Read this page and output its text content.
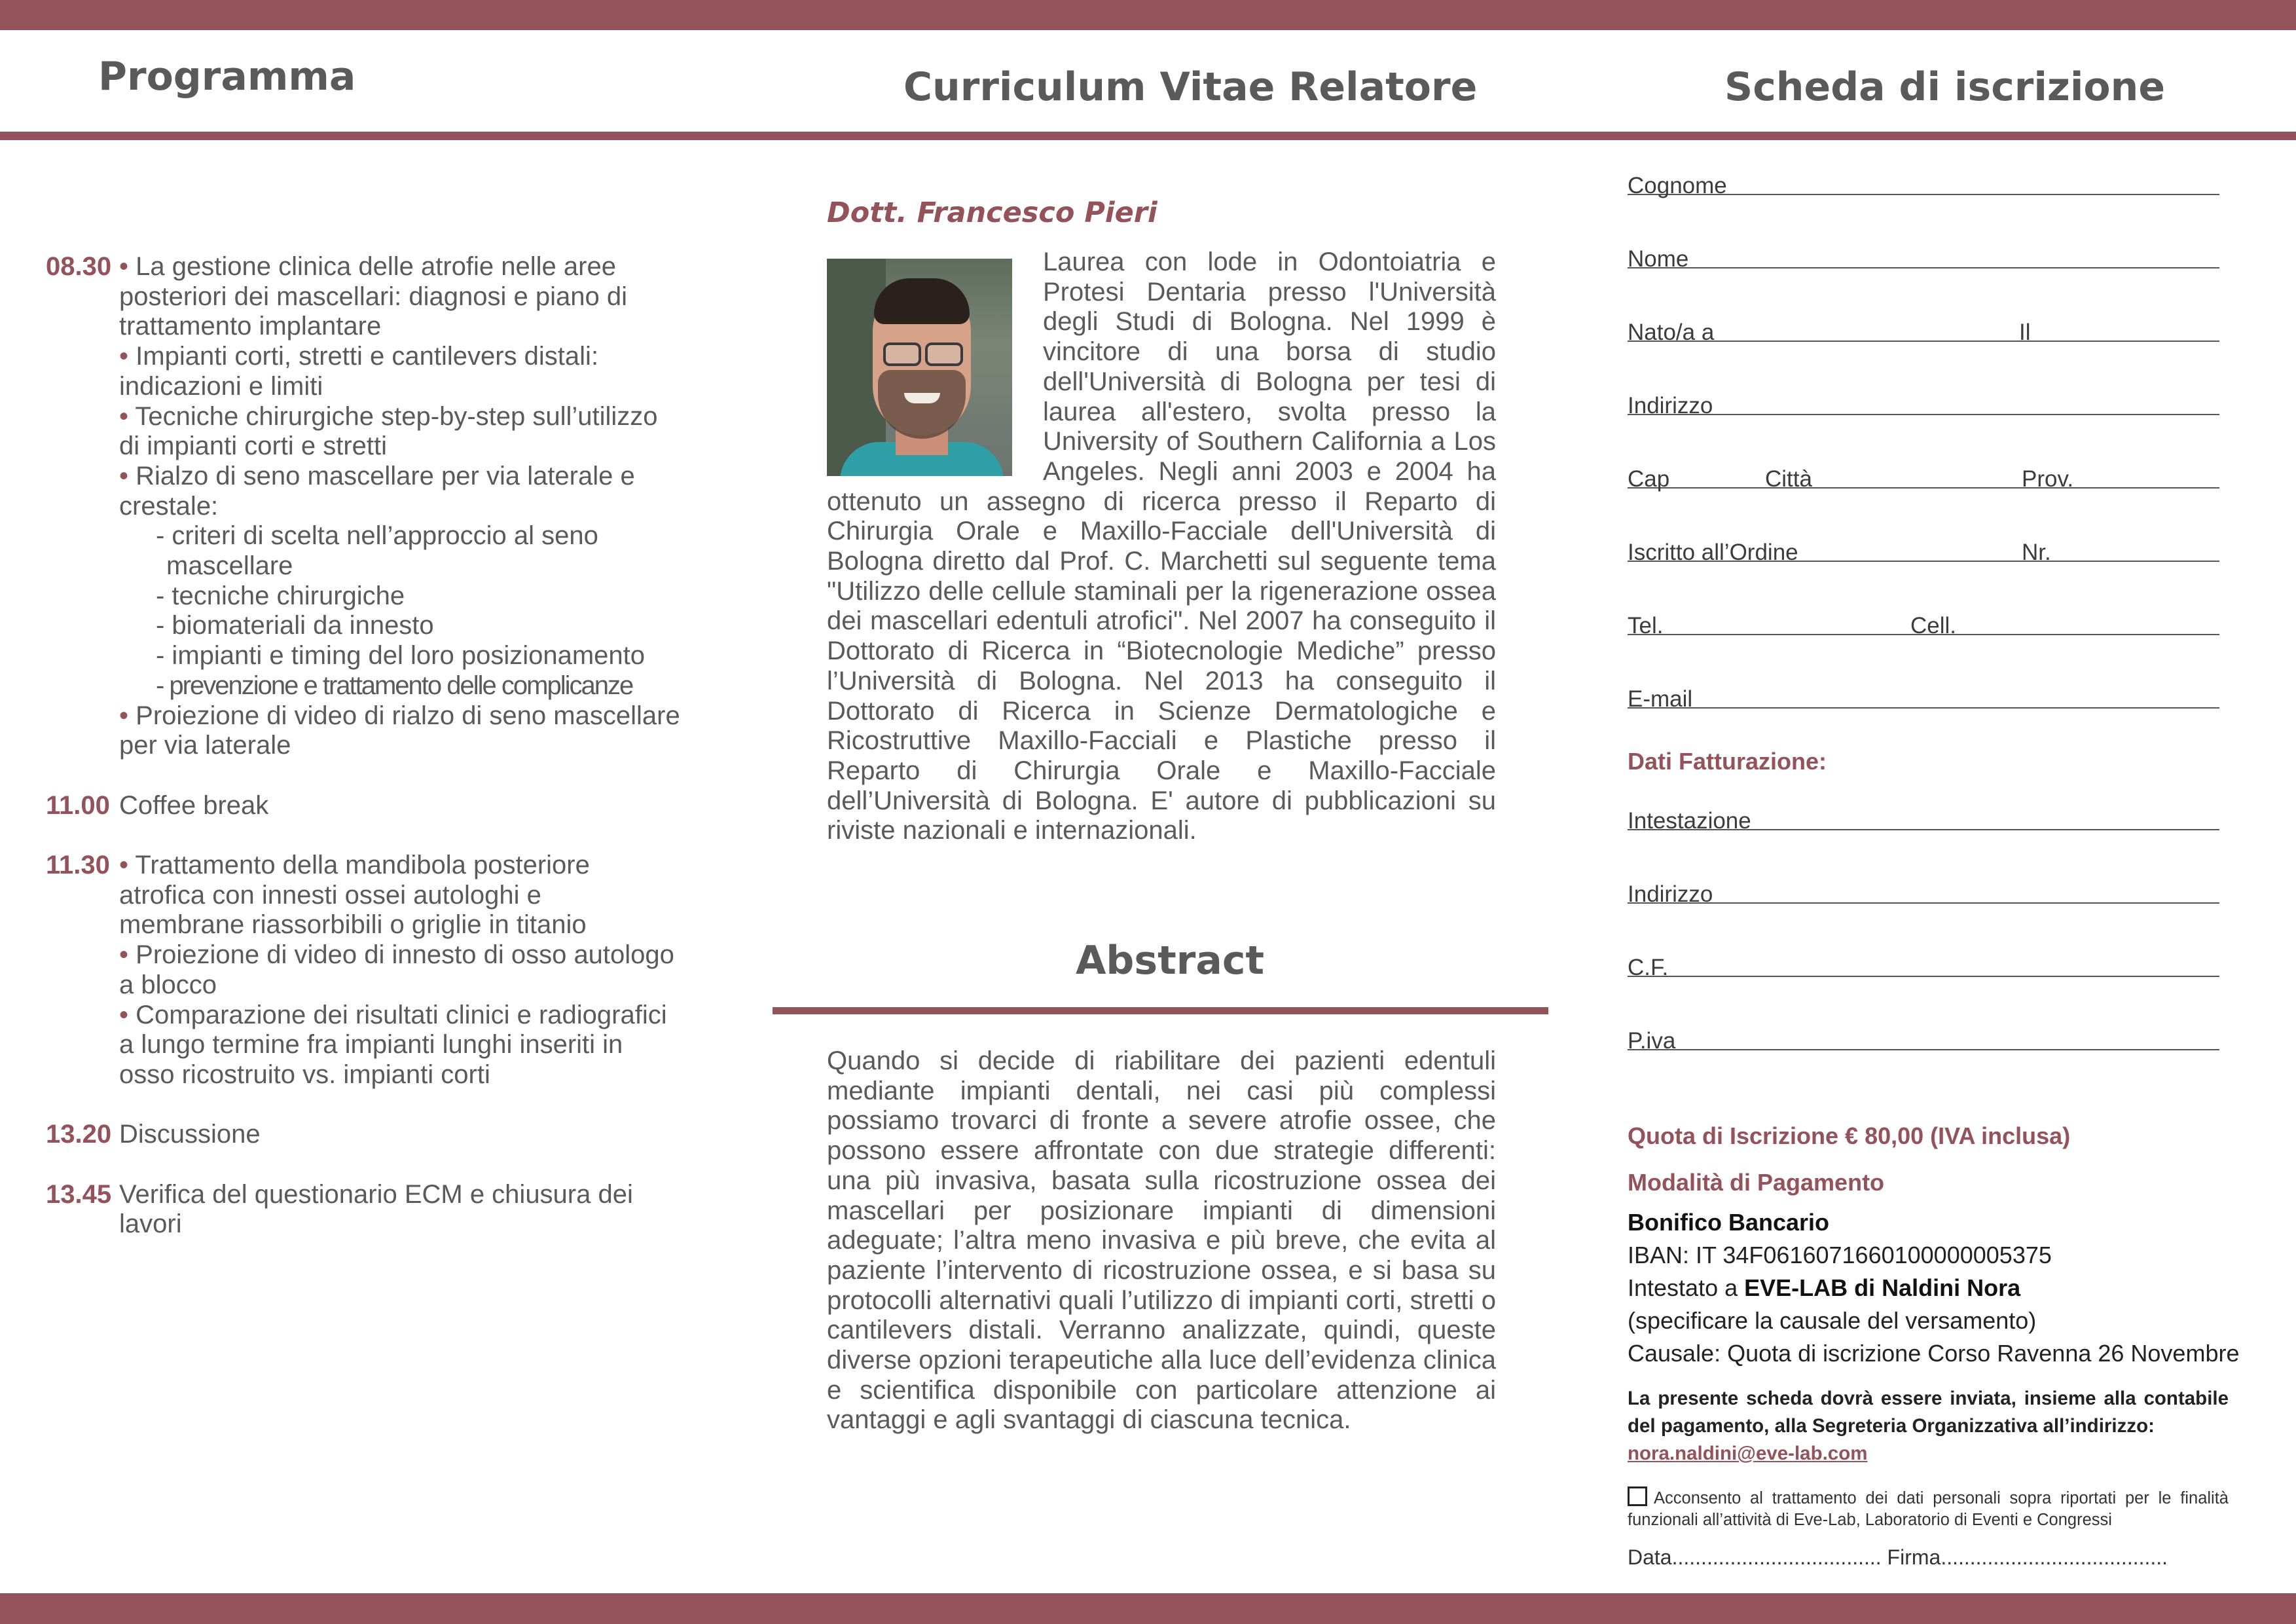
Programma	Curriculum Vitae Relatore	Scheda di iscrizione
08.30 • La gestione clinica delle atrofie nelle aree
posteriori dei mascellari: diagnosi e piano di
trattamento implantare
• Impianti corti, stretti e cantilevers distali:
indicazioni e limiti
• Tecniche chirurgiche step-by-step sull’utilizzo
di impianti corti e stretti
• Rialzo di seno mascellare per via laterale e
crestale:
- criteri di scelta nell’approccio al seno mascellare
- tecniche chirurgiche
- biomateriali da innesto
- impianti e timing del loro posizionamento
- prevenzione e trattamento delle complicanze
• Proiezione di video di rialzo di seno mascellare
per via laterale
11.00 Coffee break
11.30 • Trattamento della mandibola posteriore
atrofica con innesti ossei autologhi e
membrane riassorbibili o griglie in titanio
• Proiezione di video di innesto di osso autologo
a blocco
• Comparazione dei risultati clinici e radiografici
a lungo termine fra impianti lunghi inseriti in
osso ricostruito vs. impianti corti
13.20 Discussione
13.45 Verifica del questionario ECM e chiusura dei
lavori
Dott. Francesco Pieri
Laurea con lode in Odontoiatria e Protesi Dentaria presso l'Università degli Studi di Bologna. Nel 1999 è vincitore di una borsa di studio dell'Università di Bologna per tesi di laurea all'estero, svolta presso la University of Southern California a Los Angeles. Negli anni 2003 e 2004 ha ottenuto un assegno di ricerca presso il Reparto di Chirurgia Orale e Maxillo-Facciale dell'Università di Bologna diretto dal Prof. C. Marchetti sul seguente tema "Utilizzo delle cellule staminali per la rigenerazione ossea dei mascellari edentuli atrofici". Nel 2007 ha conseguito il Dottorato di Ricerca in “Biotecnologie Mediche” presso l’Università di Bologna. Nel 2013 ha conseguito il Dottorato di Ricerca in Scienze Dermatologiche e Ricostruttive Maxillo-Facciali e Plastiche presso il Reparto di Chirurgia Orale e Maxillo-Facciale dell’Università di Bologna. E' autore di pubblicazioni su riviste nazionali e internazionali.
Abstract
Quando si decide di riabilitare dei pazienti edentuli mediante impianti dentali, nei casi più complessi possiamo trovarci di fronte a severe atrofie ossee, che possono essere affrontate con due strategie differenti: una più invasiva, basata sulla ricostruzione ossea dei mascellari per posizionare impianti di dimensioni adeguate; l’altra meno invasiva e più breve, che evita al paziente l’intervento di ricostruzione ossea, e si basa su protocolli alternativi quali l’utilizzo di impianti corti, stretti o cantilevers distali. Verranno analizzate, quindi, queste diverse opzioni terapeutiche alla luce dell’evidenza clinica e scientifica disponibile con particolare attenzione ai vantaggi e agli svantaggi di ciascuna tecnica.
Cognome
Nome
Nato/a a	Il
Indirizzo
Cap	Città	Prov.
Iscritto all’Ordine	Nr.
Tel.	Cell.
E-mail
Dati Fatturazione:
Intestazione
Indirizzo
C.F.
P.iva
Quota di Iscrizione € 80,00 (IVA inclusa)
Modalità di Pagamento
Bonifico Bancario
IBAN: IT 34F0616071660100000005375
Intestato a EVE-LAB di Naldini Nora
(specificare la causale del versamento)
Causale: Quota di iscrizione Corso Ravenna 26 Novembre
La presente scheda dovrà essere inviata, insieme alla contabile del pagamento, alla Segreteria Organizzativa all’indirizzo:
nora.naldini@eve-lab.com
Acconsento al trattamento dei dati personali sopra riportati per le finalità funzionali all’attività di Eve-Lab, Laboratorio di Eventi e Congressi
Data.................................... Firma.......................................
